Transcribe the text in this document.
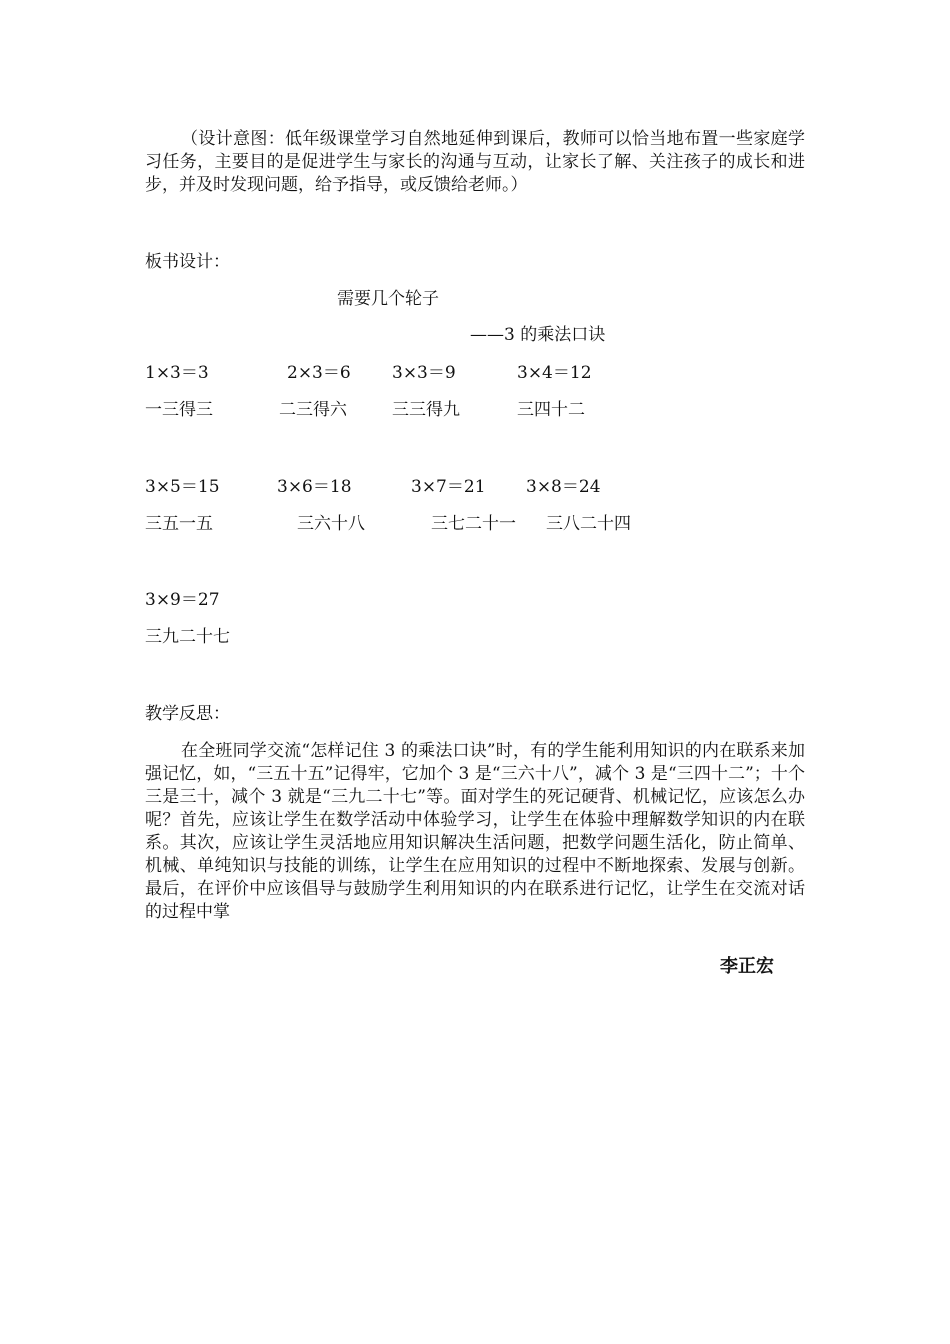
（设计意图：低年级课堂学习自然地延伸到课后，教师可以恰当地布置一些家庭学习任务，主要目的是促进学生与家长的沟通与互动，让家长了解、关注孩子的成长和进步，并及时发现问题，给予指导，或反馈给老师。）
板书设计：
需要几个轮子
——3 的乘法口诀
1×3＝3	2×3＝6 3×3＝9	3×4＝12
一三得三	二三得六	三三得九	三四十二
3×5＝15	3×6＝18	3×7＝21 3×8＝24
三五一五	三六十八	三七二十一 三八二十四
3×9＝27
三九二十七
教学反思：
在全班同学交流“怎样记住 3 的乘法口诀”时，有的学生能利用知识的内在联系来加强记忆，如，“三五十五”记得牢，它加个 3 是“三六十八”，减个 3 是“三四十二”；十个三是三十，减个 3 就是“三九二十七”等。面对学生的死记硬背、机械记忆，应该怎么办呢？首先，应该让学生在数学活动中体验学习，让学生在体验中理解数学知识的内在联系。其次，应该让学生灵活地应用知识解决生活问题，把数学问题生活化，防止简单、机械、单纯知识与技能的训练，让学生在应用知识的过程中不断地探索、发展与创新。最后，在评价中应该倡导与鼓励学生利用知识的内在联系进行记忆，让学生在交流对话的过程中掌
李正宏
